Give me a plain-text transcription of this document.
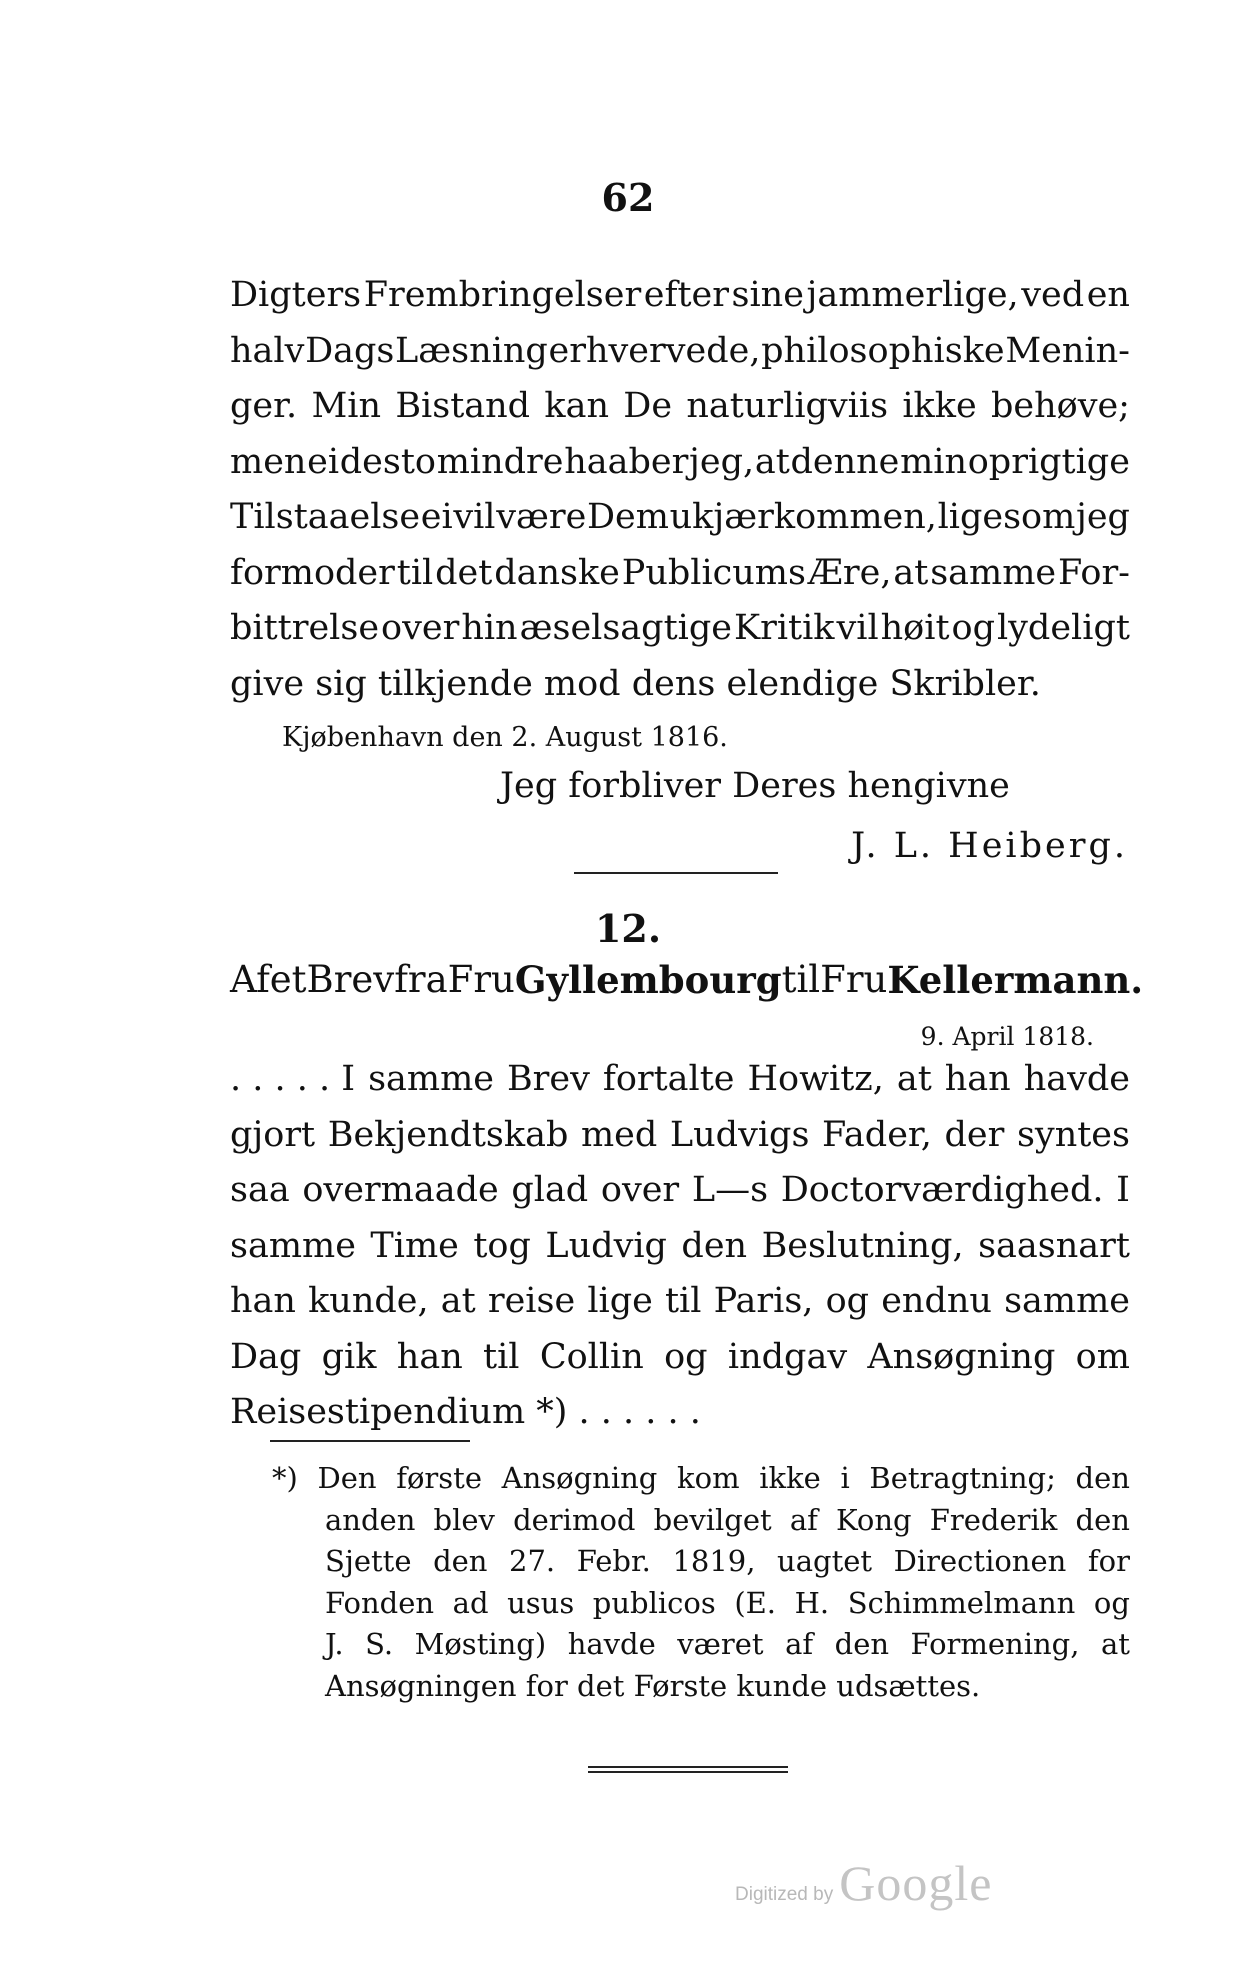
62
Digters Frembringelser efter sine jammerlige, ved en
halv Dags Læsning erhvervede, philosophiske Menin-
ger. Min Bistand kan De naturligviis ikke behøve;
men ei desto mindre haaber jeg, at denne min oprigtige
Tilstaaelse ei vil være Dem ukjærkommen, ligesom jeg
formoder til det danske Publicums Ære, at samme For-
bittrelse over hin æselsagtige Kritik vil høit og lydeligt
give sig tilkjende mod dens elendige Skribler.
Kjøbenhavn den 2. August 1816.
Jeg forbliver Deres hengivne
J. L. Heiberg.
12.
Af et Brev fra Fru Gyllembourg til Fru Kellermann.
9. April 1818.
. . . . . I samme Brev fortalte Howitz, at han havde
gjort Bekjendtskab med Ludvigs Fader, der syntes
saa overmaade glad over L—s Doctorværdighed. I
samme Time tog Ludvig den Beslutning, saasnart
han kunde, at reise lige til Paris, og endnu samme
Dag gik han til Collin og indgav Ansøgning om
Reisestipendium *) . . . . . .
*) Den første Ansøgning kom ikke i Betragtning; den
anden blev derimod bevilget af Kong Frederik den
Sjette den 27. Febr. 1819, uagtet Directionen for
Fonden ad usus publicos (E. H. Schimmelmann og
J. S. Møsting) havde været af den Formening, at
Ansøgningen for det Første kunde udsættes.
Digitized by Google
